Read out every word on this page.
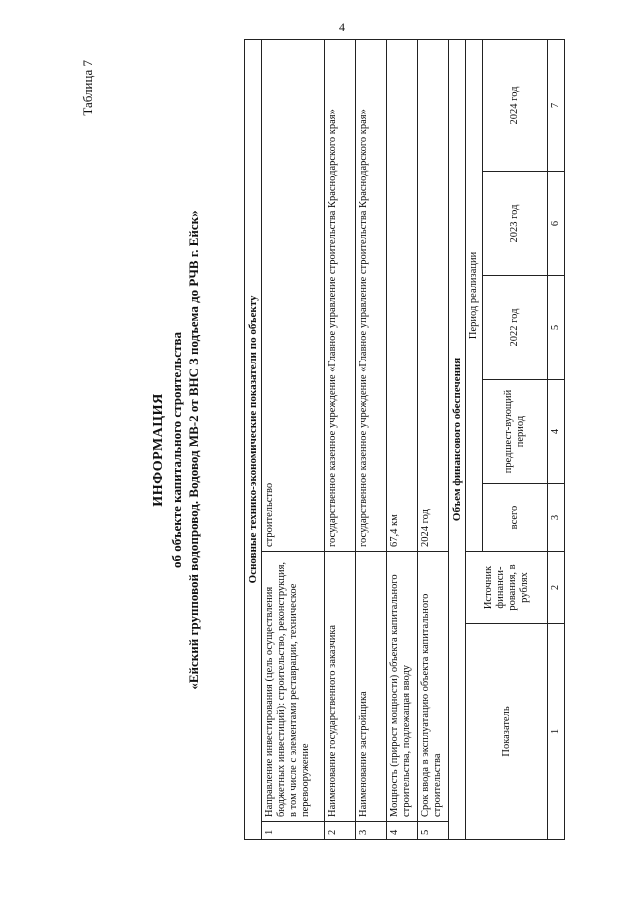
4
Таблица 7
ИНФОРМАЦИЯ об объекте капитального строительства «Ейский групповой водопровод. Водовод МВ-2 от ВНС 3 подъема до РЧВ г. Ейск»	Основные технико-экономические показатели по объекту							
1	Направление инвестирования (цель осуществления бюджетных инвестиций): строительство, реконструкция, в том числе с элементами реставрации, техническое перевооружение		строительство				
2	Наименование государственного заказчика		государственное казенное учреждение «Главное управление строительства Краснодарского края»				
3	Наименование застройщика		государственное казенное учреждение «Главное управление строительства Краснодарского края»				
4	Мощность (прирост мощности) объекта капитального строительства, подлежащая вводу		67,4 км				
5	Срок ввода в эксплуатацию объекта капитального строительства		2024 год				
Объем финансового обеспечения							
Показатель		Источник финанси-рования, в рублях	Период реализации				
			всего	предшест-вующий период	2022 год	2023 год	2024 год
1		2	3	4	5	6	7
